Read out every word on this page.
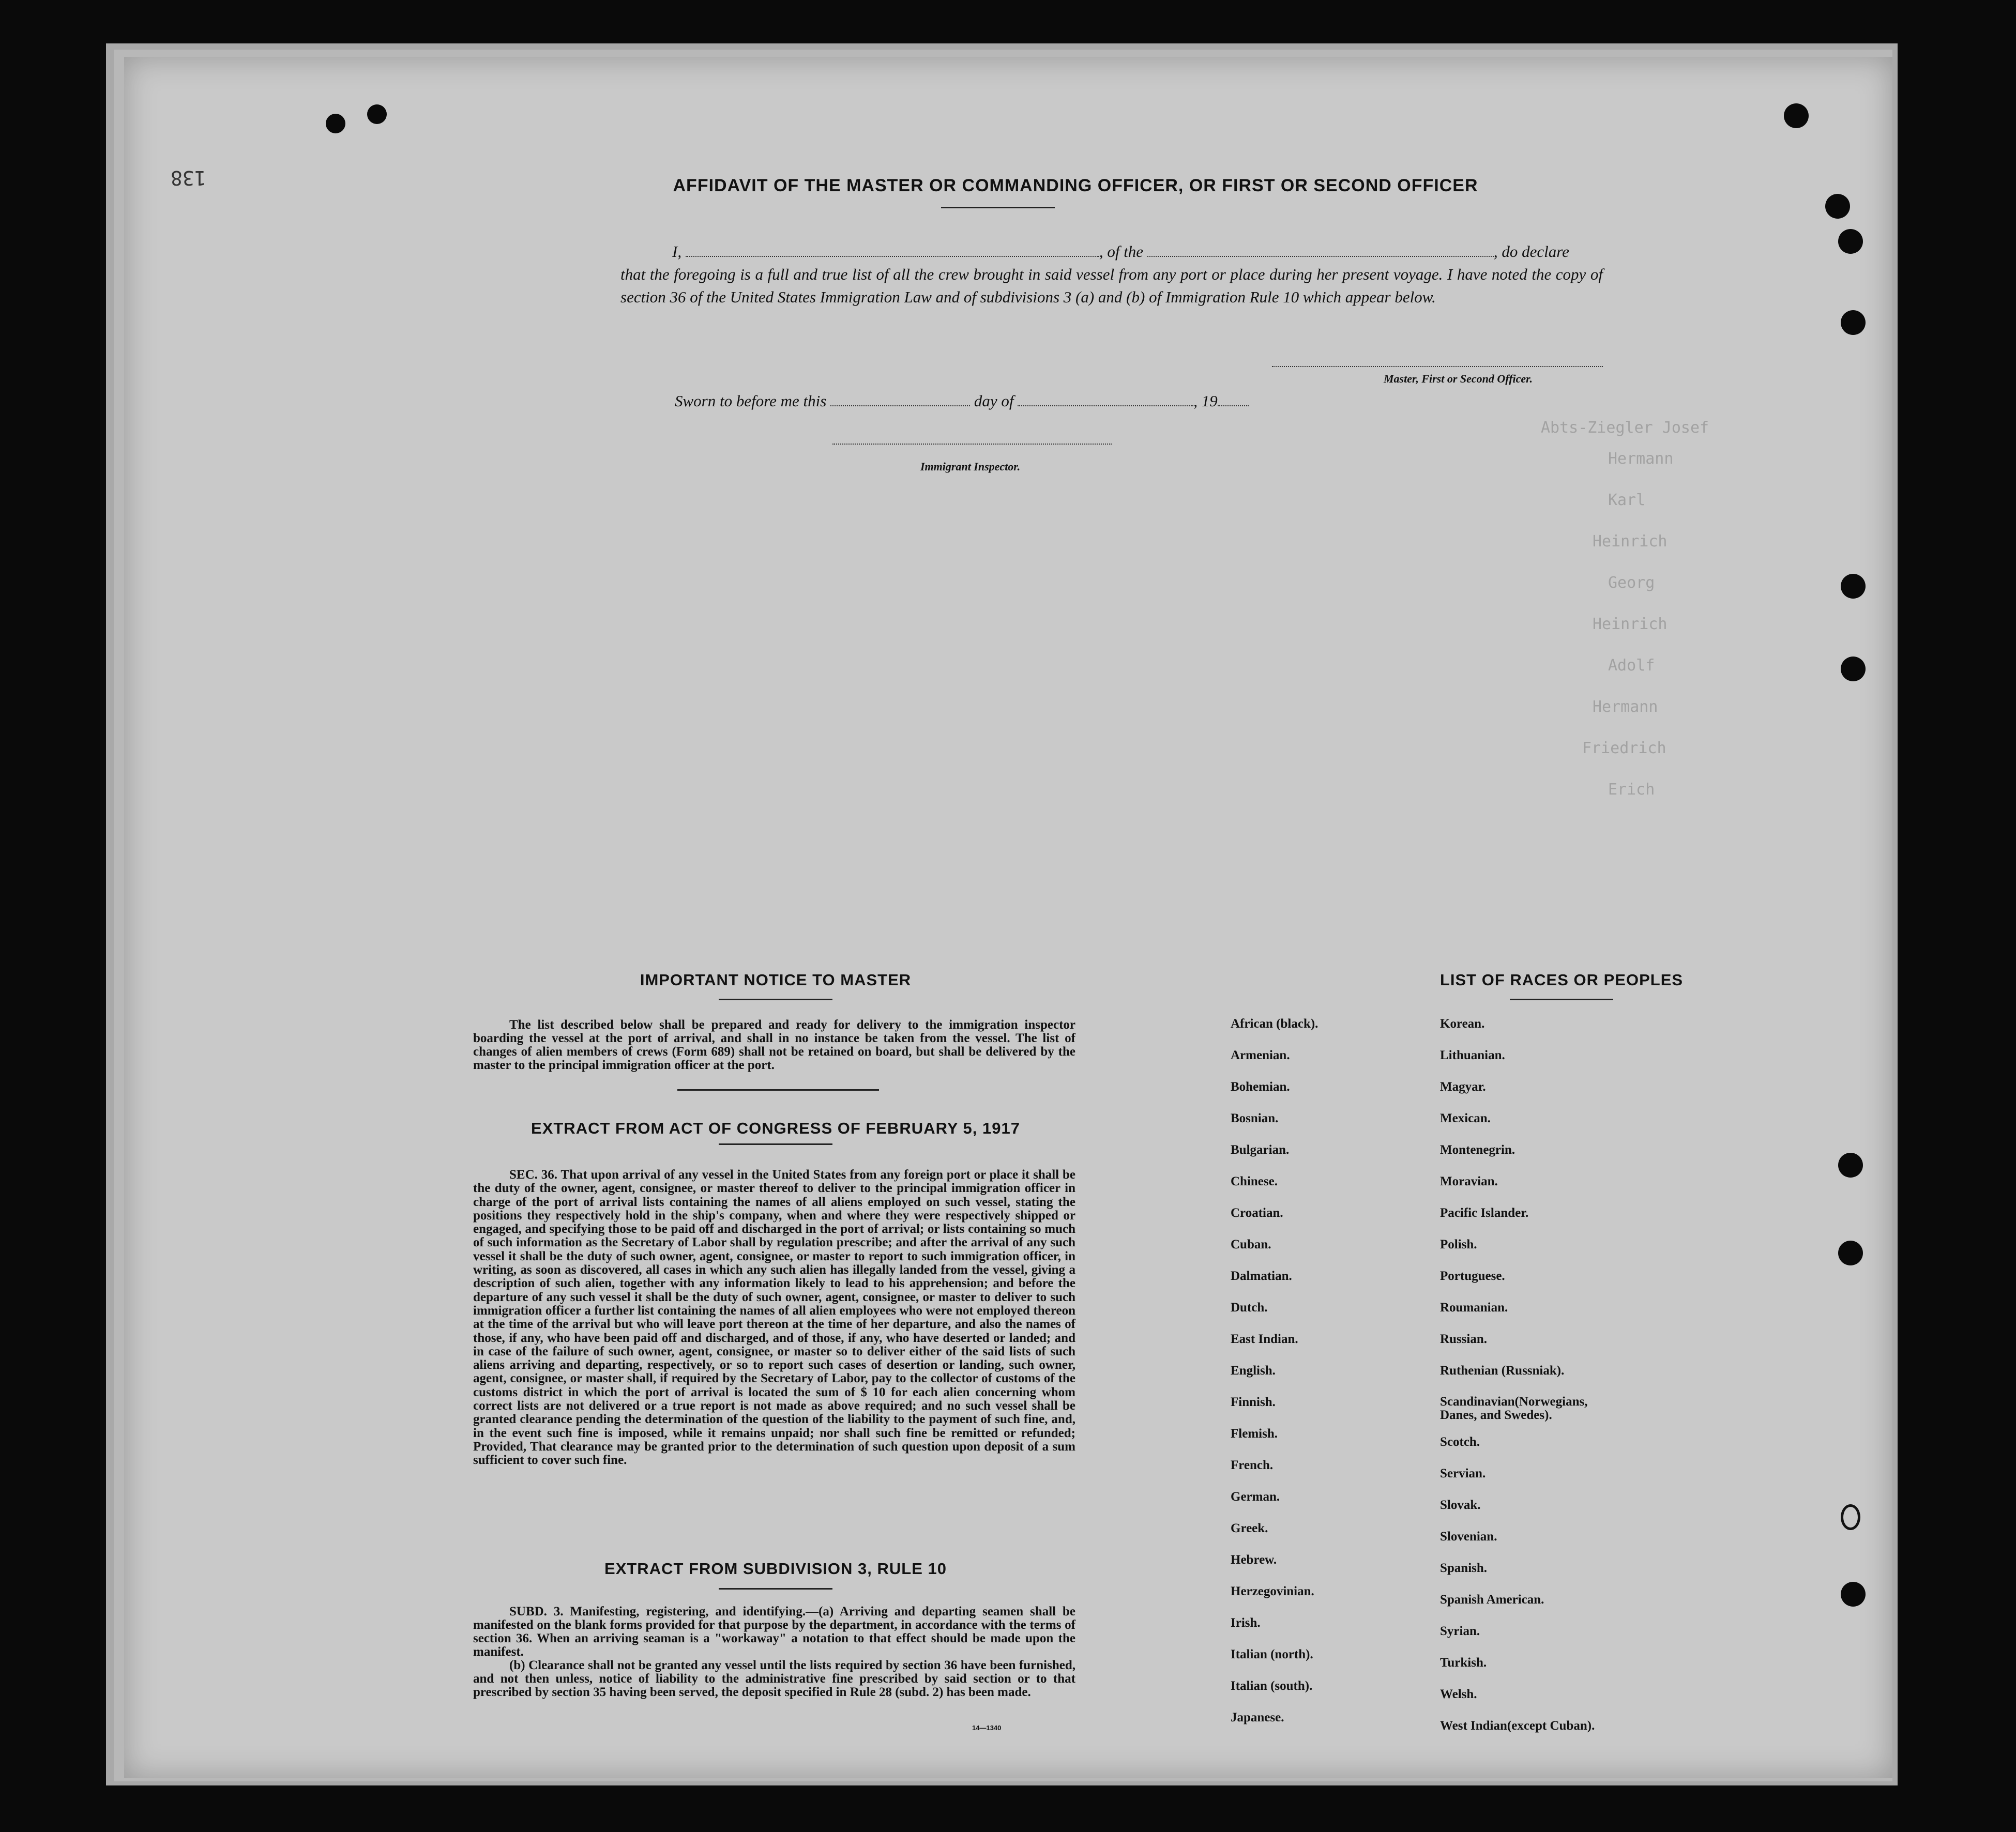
Abts-Ziegler Josef
Hermann
Karl
Heinrich
Georg
Heinrich
Adolf
Hermann
Friedrich
Erich
138	AFFIDAVIT OF THE MASTER OR COMMANDING OFFICER, OR FIRST OR SECOND OFFICER

I,	, of the	, do declare

that the foregoing is a full and true list of all the crew brought in said vessel from any port or place during her present voyage. I have noted the copy of section 36 of the United States Immigration Law and of subdivisions 3 (a) and (b) of Immigration Rule 10 which appear below.

Master, First or Second Officer.
Sworn to before me this	day of	, 19
Immigrant Inspector.
IMPORTANT NOTICE TO MASTER

The list described below shall be prepared and ready for delivery to the immigration inspector boarding the vessel at the port of arrival, and shall in no instance be taken from the vessel. The list of changes of alien members of crews (Form 689) shall not be retained on board, but shall be delivered by the master to the principal immigration officer at the port.

EXTRACT FROM ACT OF CONGRESS OF FEBRUARY 5, 1917

SEC. 36. That upon arrival of any vessel in the United States from any foreign port or place it shall be the duty of the owner, agent, consignee, or master thereof to deliver to the principal immigration officer in charge of the port of arrival lists containing the names of all aliens employed on such vessel, stating the positions they respectively hold in the ship's company, when and where they were respectively shipped or engaged, and specifying those to be paid off and discharged in the port of arrival; or lists containing so much of such information as the Secretary of Labor shall by regulation prescribe; and after the arrival of any such vessel it shall be the duty of such owner, agent, consignee, or master to report to such immigration officer, in writing, as soon as discovered, all cases in which any such alien has illegally landed from the vessel, giving a description of such alien, together with any information likely to lead to his apprehension; and before the departure of any such vessel it shall be the duty of such owner, agent, consignee, or master to deliver to such immigration officer a further list containing the names of all alien employees who were not employed thereon at the time of the arrival but who will leave port thereon at the time of her departure, and also the names of those, if any, who have been paid off and discharged, and of those, if any, who have deserted or landed; and in case of the failure of such owner, agent, consignee, or master so to deliver either of the said lists of such aliens arriving and departing, respectively, or so to report such cases of desertion or landing, such owner, agent, consignee, or master shall, if required by the Secretary of Labor, pay to the collector of customs of the customs district in which the port of arrival is located the sum of $ 10 for each alien concerning whom correct lists are not delivered or a true report is not made as above required; and no such vessel shall be granted clearance pending the determination of the question of the liability to the payment of such fine, and, in the event such fine is imposed, while it remains unpaid; nor shall such fine be remitted or refunded; Provided, That clearance may be granted prior to the determination of such question upon deposit of a sum sufficient to cover such fine.

EXTRACT FROM SUBDIVISION 3, RULE 10

SUBD. 3. Manifesting, registering, and identifying.—(a) Arriving and departing seamen shall be manifested on the blank forms provided for that purpose by the department, in accordance with the terms of section 36. When an arriving seaman is a "workaway" a notation to that effect should be made upon the manifest.

(b) Clearance shall not be granted any vessel until the lists required by section 36 have been furnished, and not then unless, notice of liability to the administrative fine prescribed by said section or to that prescribed by section 35 having been served, the deposit specified in Rule 28 (subd. 2) has been made.

14—1340
LIST OF RACES OR PEOPLES
African (black).
Armenian.
Bohemian.
Bosnian.
Bulgarian.
Chinese.
Croatian.
Cuban.
Dalmatian.
Dutch.
East Indian.
English.
Finnish.
Flemish.
French.
German.
Greek.
Hebrew.
Herzegovinian.
Irish.
Italian (north).
Italian (south).
Japanese.
Korean.
Lithuanian.
Magyar.
Mexican.
Montenegrin.
Moravian.
Pacific Islander.
Polish.
Portuguese.
Roumanian.
Russian.
Ruthenian (Russniak).
Scandinavian(Norwegians, Danes, and Swedes).
Scotch.
Servian.
Slovak.
Slovenian.
Spanish.
Spanish American.
Syrian.
Turkish.
Welsh.
West Indian(except Cuban).
